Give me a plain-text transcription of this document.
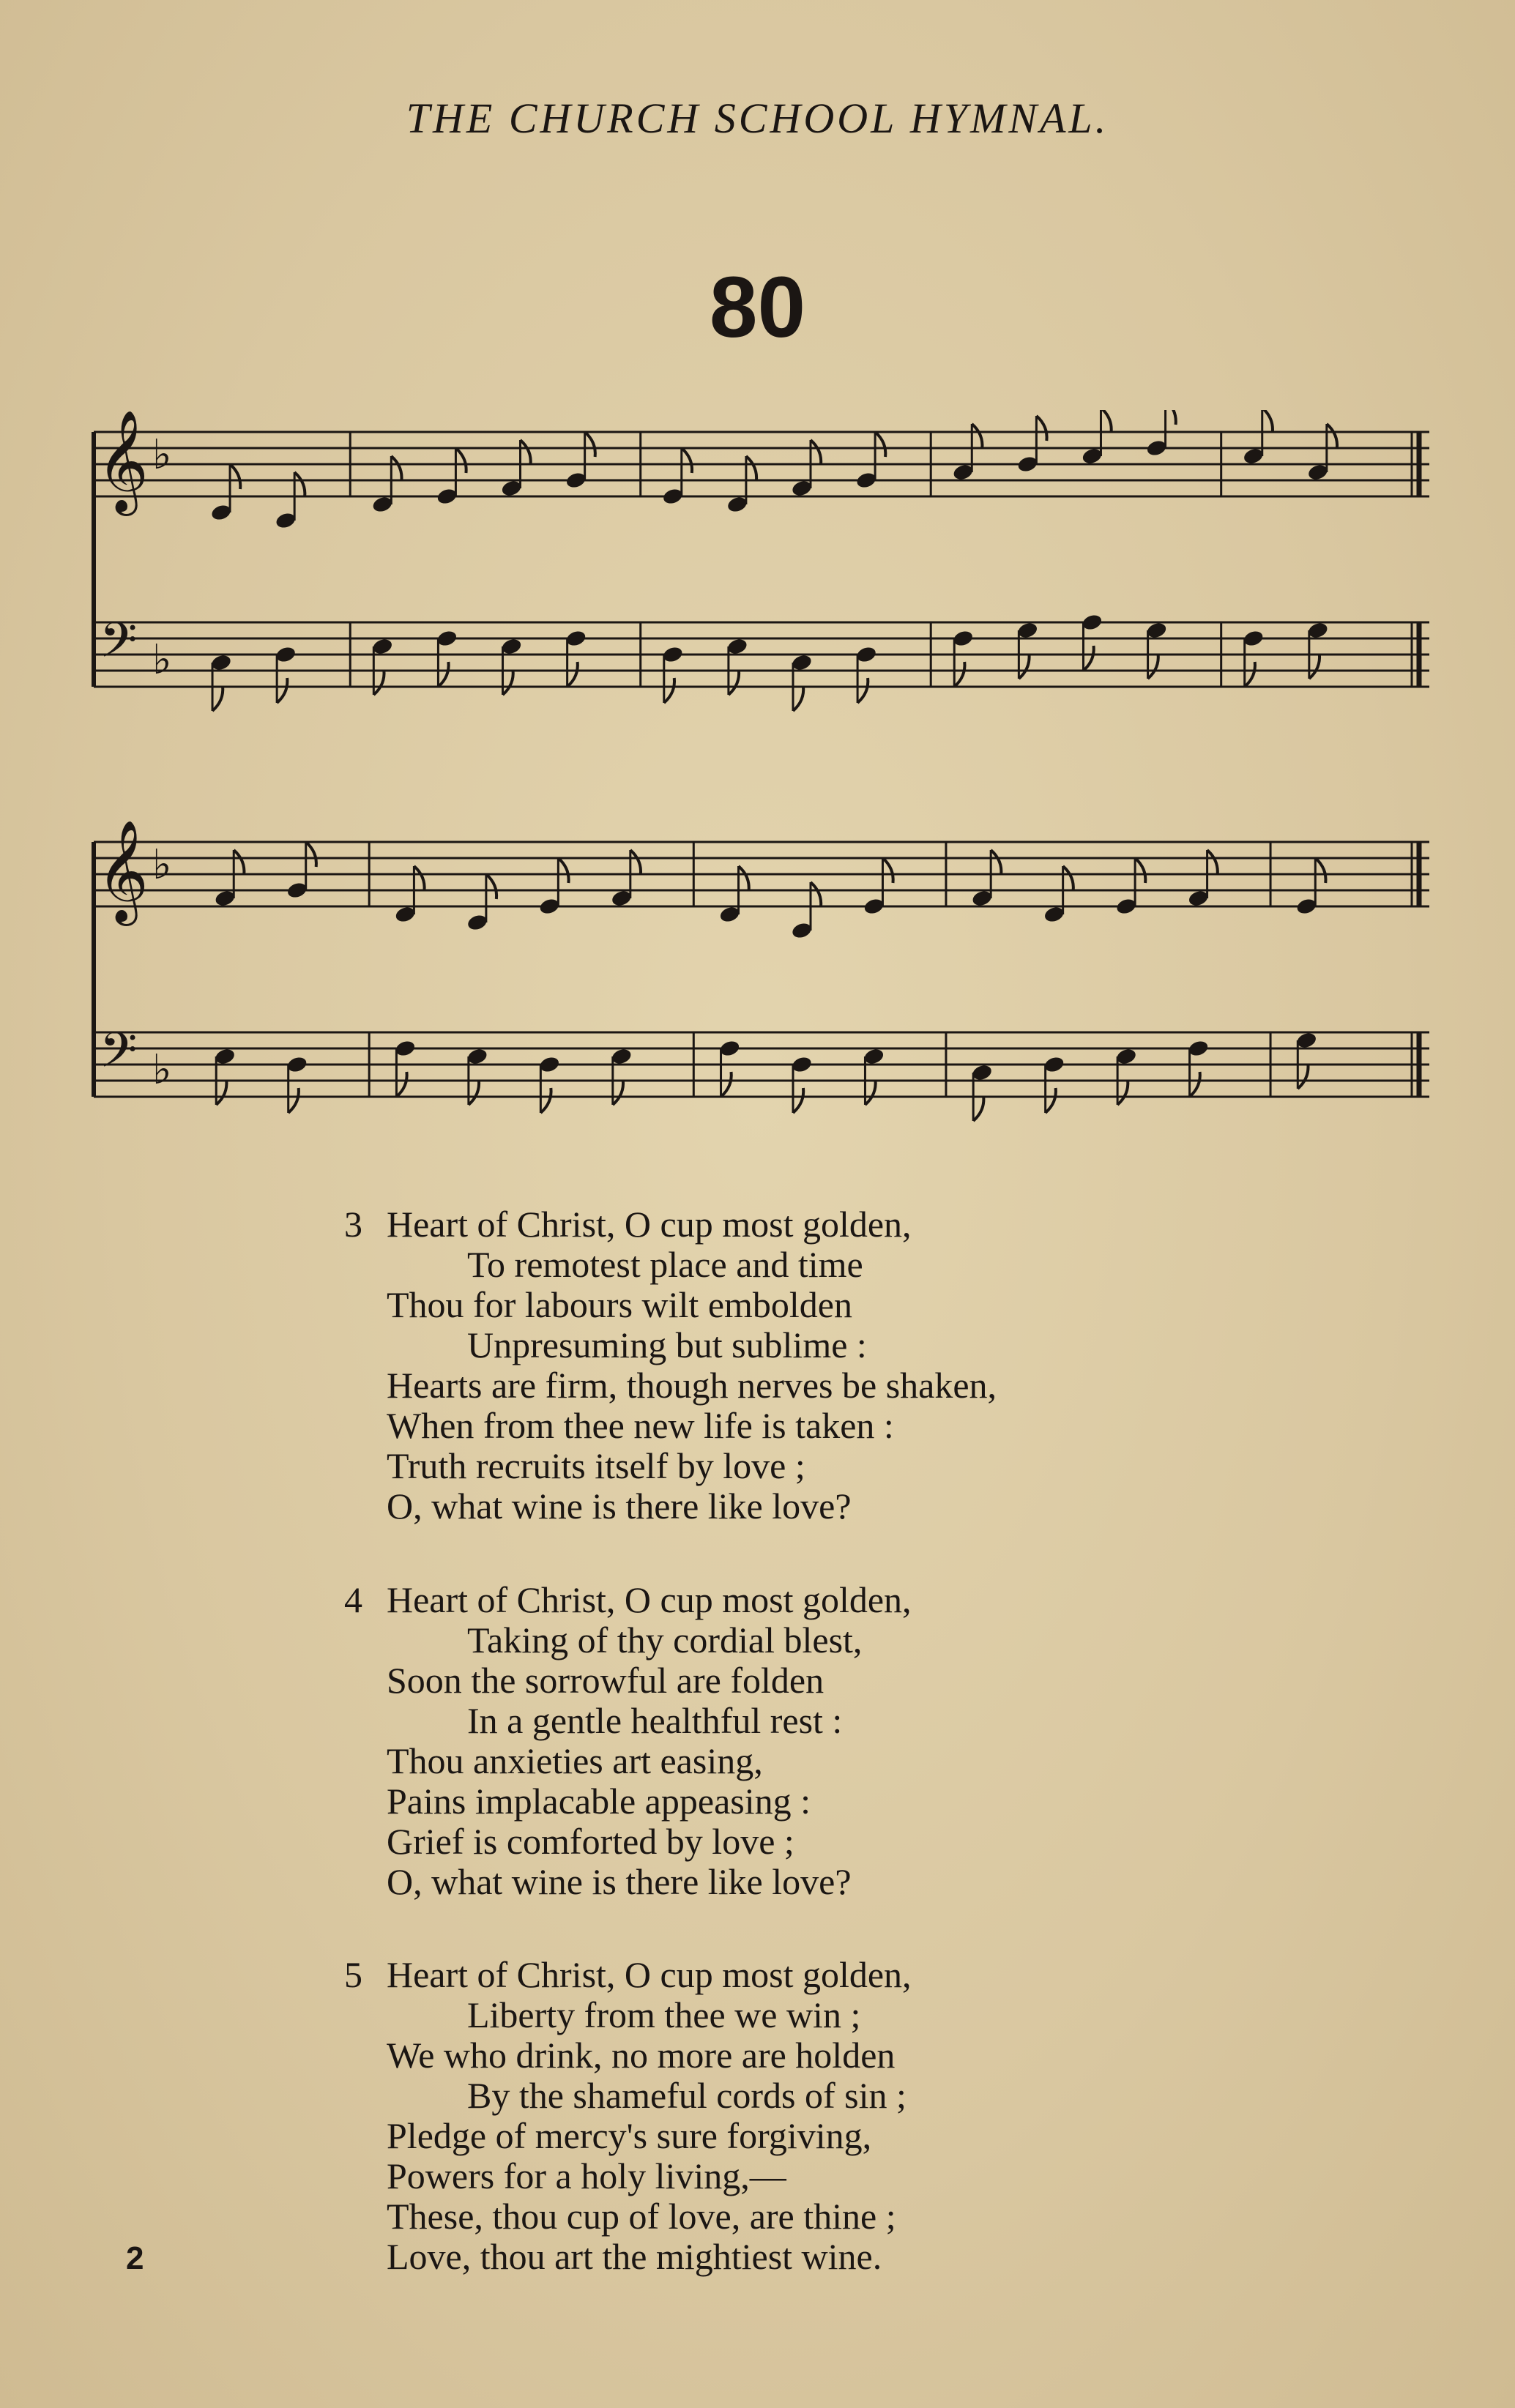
THE CHURCH SCHOOL HYMNAL.
80
𝄞
𝄢
♭
♭
𝄞
𝄢
♭
♭
3 Heart of Christ, O cup most golden,
To remotest place and time
Thou for labours wilt embolden
Unpresuming but sublime :
Hearts are firm, though nerves be shaken,
When from thee new life is taken :
Truth recruits itself by love ;
O, what wine is there like love?
4 Heart of Christ, O cup most golden,
Taking of thy cordial blest,
Soon the sorrowful are folden
In a gentle healthful rest :
Thou anxieties art easing,
Pains implacable appeasing :
Grief is comforted by love ;
O, what wine is there like love?
5 Heart of Christ, O cup most golden,
Liberty from thee we win ;
We who drink, no more are holden
By the shameful cords of sin ;
Pledge of mercy's sure forgiving,
Powers for a holy living,—
These, thou cup of love, are thine ;
Love, thou art the mightiest wine.
2
